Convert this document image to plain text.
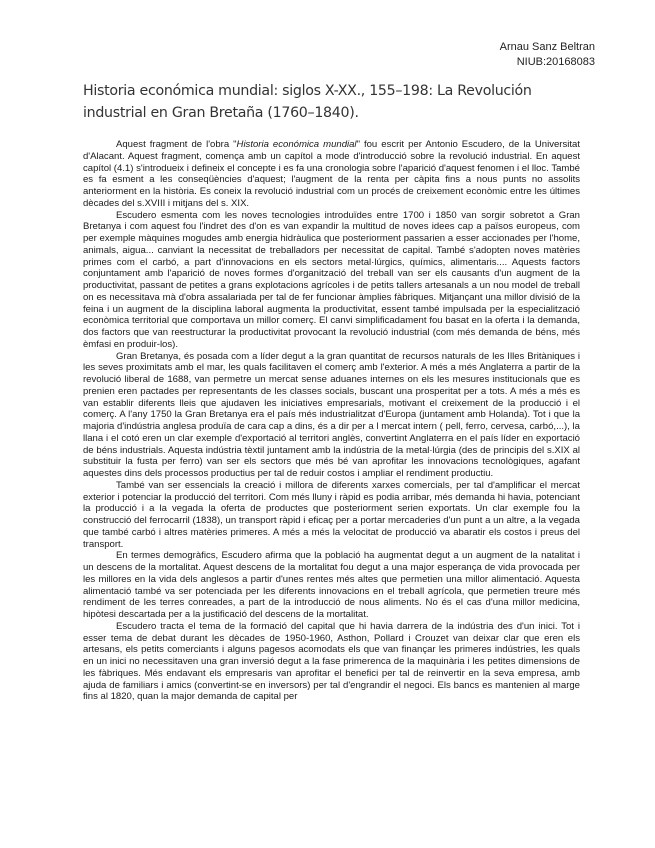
Arnau Sanz Beltran
NIUB:20168083
Historia económica mundial: siglos X-XX., 155–198: La Revolución industrial en Gran Bretaña (1760–1840).

Aquest fragment de l'obra "Historia económica mundial" fou escrit per Antonio Escudero, de la Universitat d'Alacant. Aquest fragment, comença amb un capítol a mode d'introducció sobre la revolució industrial. En aquest capítol (4.1) s'introdueix i defineix el concepte i es fa una cronologia sobre l'aparició d'aquest fenomen i el lloc. També es fa esment a les conseqüències d'aquest; l'augment de la renta per càpita fins a nous punts no assolits anteriorment en la història. Es coneix la revolució industrial com un procés de creixement econòmic entre les últimes dècades del s.XVIII i mitjans del s. XIX.

Escudero esmenta com les noves tecnologies introduïdes entre 1700 i 1850 van sorgir sobretot a Gran Bretanya i com aquest fou l'indret des d'on es van expandir la multitud de noves idees cap a països europeus, com per exemple màquines mogudes amb energia hidràulica que posteriorment passarien a esser accionades per l'home, animals, aigua... canviant la necessitat de treballadors per necessitat de capital. També s'adopten noves matèries primes com el carbó, a part d'innovacions en els sectors metal·lúrgics, químics, alimentaris.... Aquests factors conjuntament amb l'aparició de noves formes d'organització del treball van ser els causants d'un augment de la productivitat, passant de petites a grans explotacions agrícoles i de petits tallers artesanals a un nou model de treball on es necessitava mà d'obra assalariada per tal de fer funcionar àmplies fàbriques. Mitjançant una millor divisió de la feina i un augment de la disciplina laboral augmenta la productivitat, essent també impulsada per la especialització econòmica territorial que comportava un millor comerç. El canvi simplificadament fou basat en la oferta i la demanda, dos factors que van reestructurar la productivitat provocant la revolució industrial (com més demanda de béns, més èmfasi en produir-los).

Gran Bretanya, és posada com a líder degut a la gran quantitat de recursos naturals de les Illes Britàniques i les seves proximitats amb el mar, les quals facilitaven el comerç amb l'exterior. A més a més Anglaterra a partir de la revolució liberal de 1688, van permetre un mercat sense aduanes internes on els les mesures institucionals que es prenien eren pactades per representants de les classes socials, buscant una prosperitat per a tots. A més a més es van establir diferents lleis que ajudaven les iniciatives empresarials, motivant el creixement de la producció i el comerç. A l'any 1750 la Gran Bretanya era el país més industrialitzat d'Europa (juntament amb Holanda). Tot i que la majoria d'indústria anglesa produïa de cara cap a dins, és a dir per a l mercat intern ( pell, ferro, cervesa, carbó,...), la llana i el cotó eren un clar exemple d'exportació al territori anglès, convertint Anglaterra en el país líder en exportació de béns industrials. Aquesta indústria tèxtil juntament amb la indústria de la metal·lúrgia (des de principis del s.XIX al substituir la fusta per ferro) van ser els sectors que més bé van aprofitar les innovacions tecnològiques, agafant aquestes dins dels processos productius per tal de reduir costos i ampliar el rendiment productiu.

També van ser essencials la creació i millora de diferents xarxes comercials, per tal d'amplificar el mercat exterior i potenciar la producció del territori. Com més lluny i ràpid es podia arribar, més demanda hi havia, potenciant la producció i a la vegada la oferta de productes que posteriorment serien exportats. Un clar exemple fou la construcció del ferrocarril (1838), un transport ràpid i eficaç per a portar mercaderies d'un punt a un altre, a la vegada que també carbó i altres matèries primeres. A més a més la velocitat de producció va abaratir els costos i preus del transport.

En termes demogràfics, Escudero afirma que la població ha augmentat degut a un augment de la natalitat i un descens de la mortalitat. Aquest descens de la mortalitat fou degut a una major esperança de vida provocada per les millores en la vida dels anglesos a partir d'unes rentes més altes que permetien una millor alimentació. Aquesta alimentació també va ser potenciada per les diferents innovacions en el treball agrícola, que permetien treure més rendiment de les terres conreades, a part de la introducció de nous aliments. No és el cas d'una millor medicina, hipòtesi descartada per a la justificació del descens de la mortalitat.

Escudero tracta el tema de la formació del capital que hi havia darrera de la indústria des d'un inici. Tot i esser tema de debat durant les dècades de 1950-1960, Asthon, Pollard i Crouzet van deixar clar que eren els artesans, els petits comerciants i alguns pagesos acomodats els que van finançar les primeres indústries, les quals en un inici no necessitaven una gran inversió degut a la fase primerenca de la maquinària i les petites dimensions de les fàbriques. Més endavant els empresaris van aprofitar el benefici per tal de reinvertir en la seva empresa, amb ajuda de familiars i amics (convertint-se en inversors) per tal d'engrandir el negoci. Els bancs es mantenien al marge fins al 1820, quan la major demanda de capital per
